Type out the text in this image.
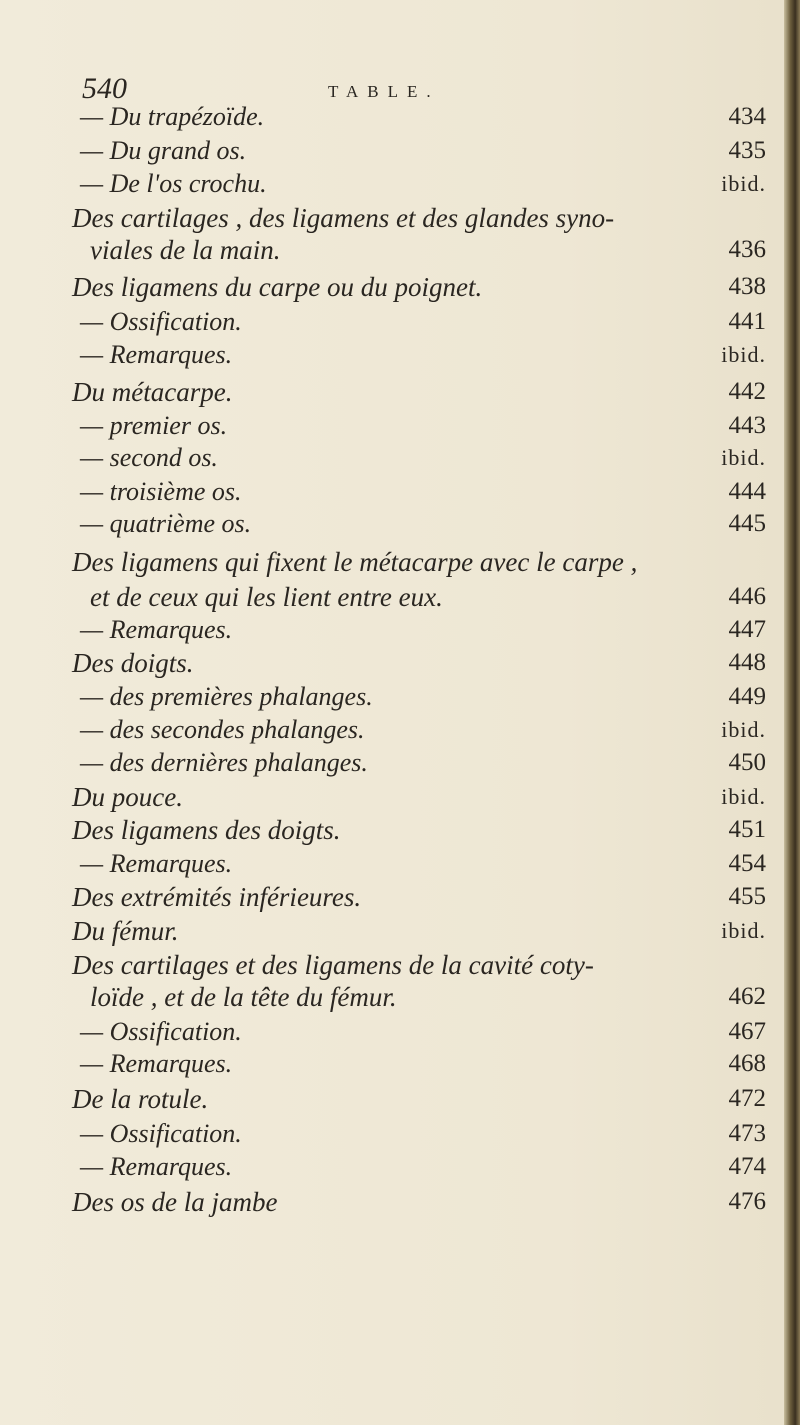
540	TABLE.
— Du trapézoïde.	434
— Du grand os.	435
— De l'os crochu.	ibid.
Des cartilages , des ligamens et des glandes syno-
viales de la main.	436
Des ligamens du carpe ou du poignet.	438
— Ossification.	441
— Remarques.	ibid.
Du métacarpe.	442
— premier os.	443
— second os.	ibid.
— troisième os.	444
— quatrième os.	445
Des ligamens qui fixent le métacarpe avec le carpe ,
et de ceux qui les lient entre eux.	446
— Remarques.	447
Des doigts.	448
— des premières phalanges.	449
— des secondes phalanges.	ibid.
— des dernières phalanges.	450
Du pouce.	ibid.
Des ligamens des doigts.	451
— Remarques.	454
Des extrémités inférieures.	455
Du fémur.	ibid.
Des cartilages et des ligamens de la cavité coty-
loïde , et de la tête du fémur.	462
— Ossification.	467
— Remarques.	468
De la rotule.	472
— Ossification.	473
— Remarques.	474
Des os de la jambe	476
